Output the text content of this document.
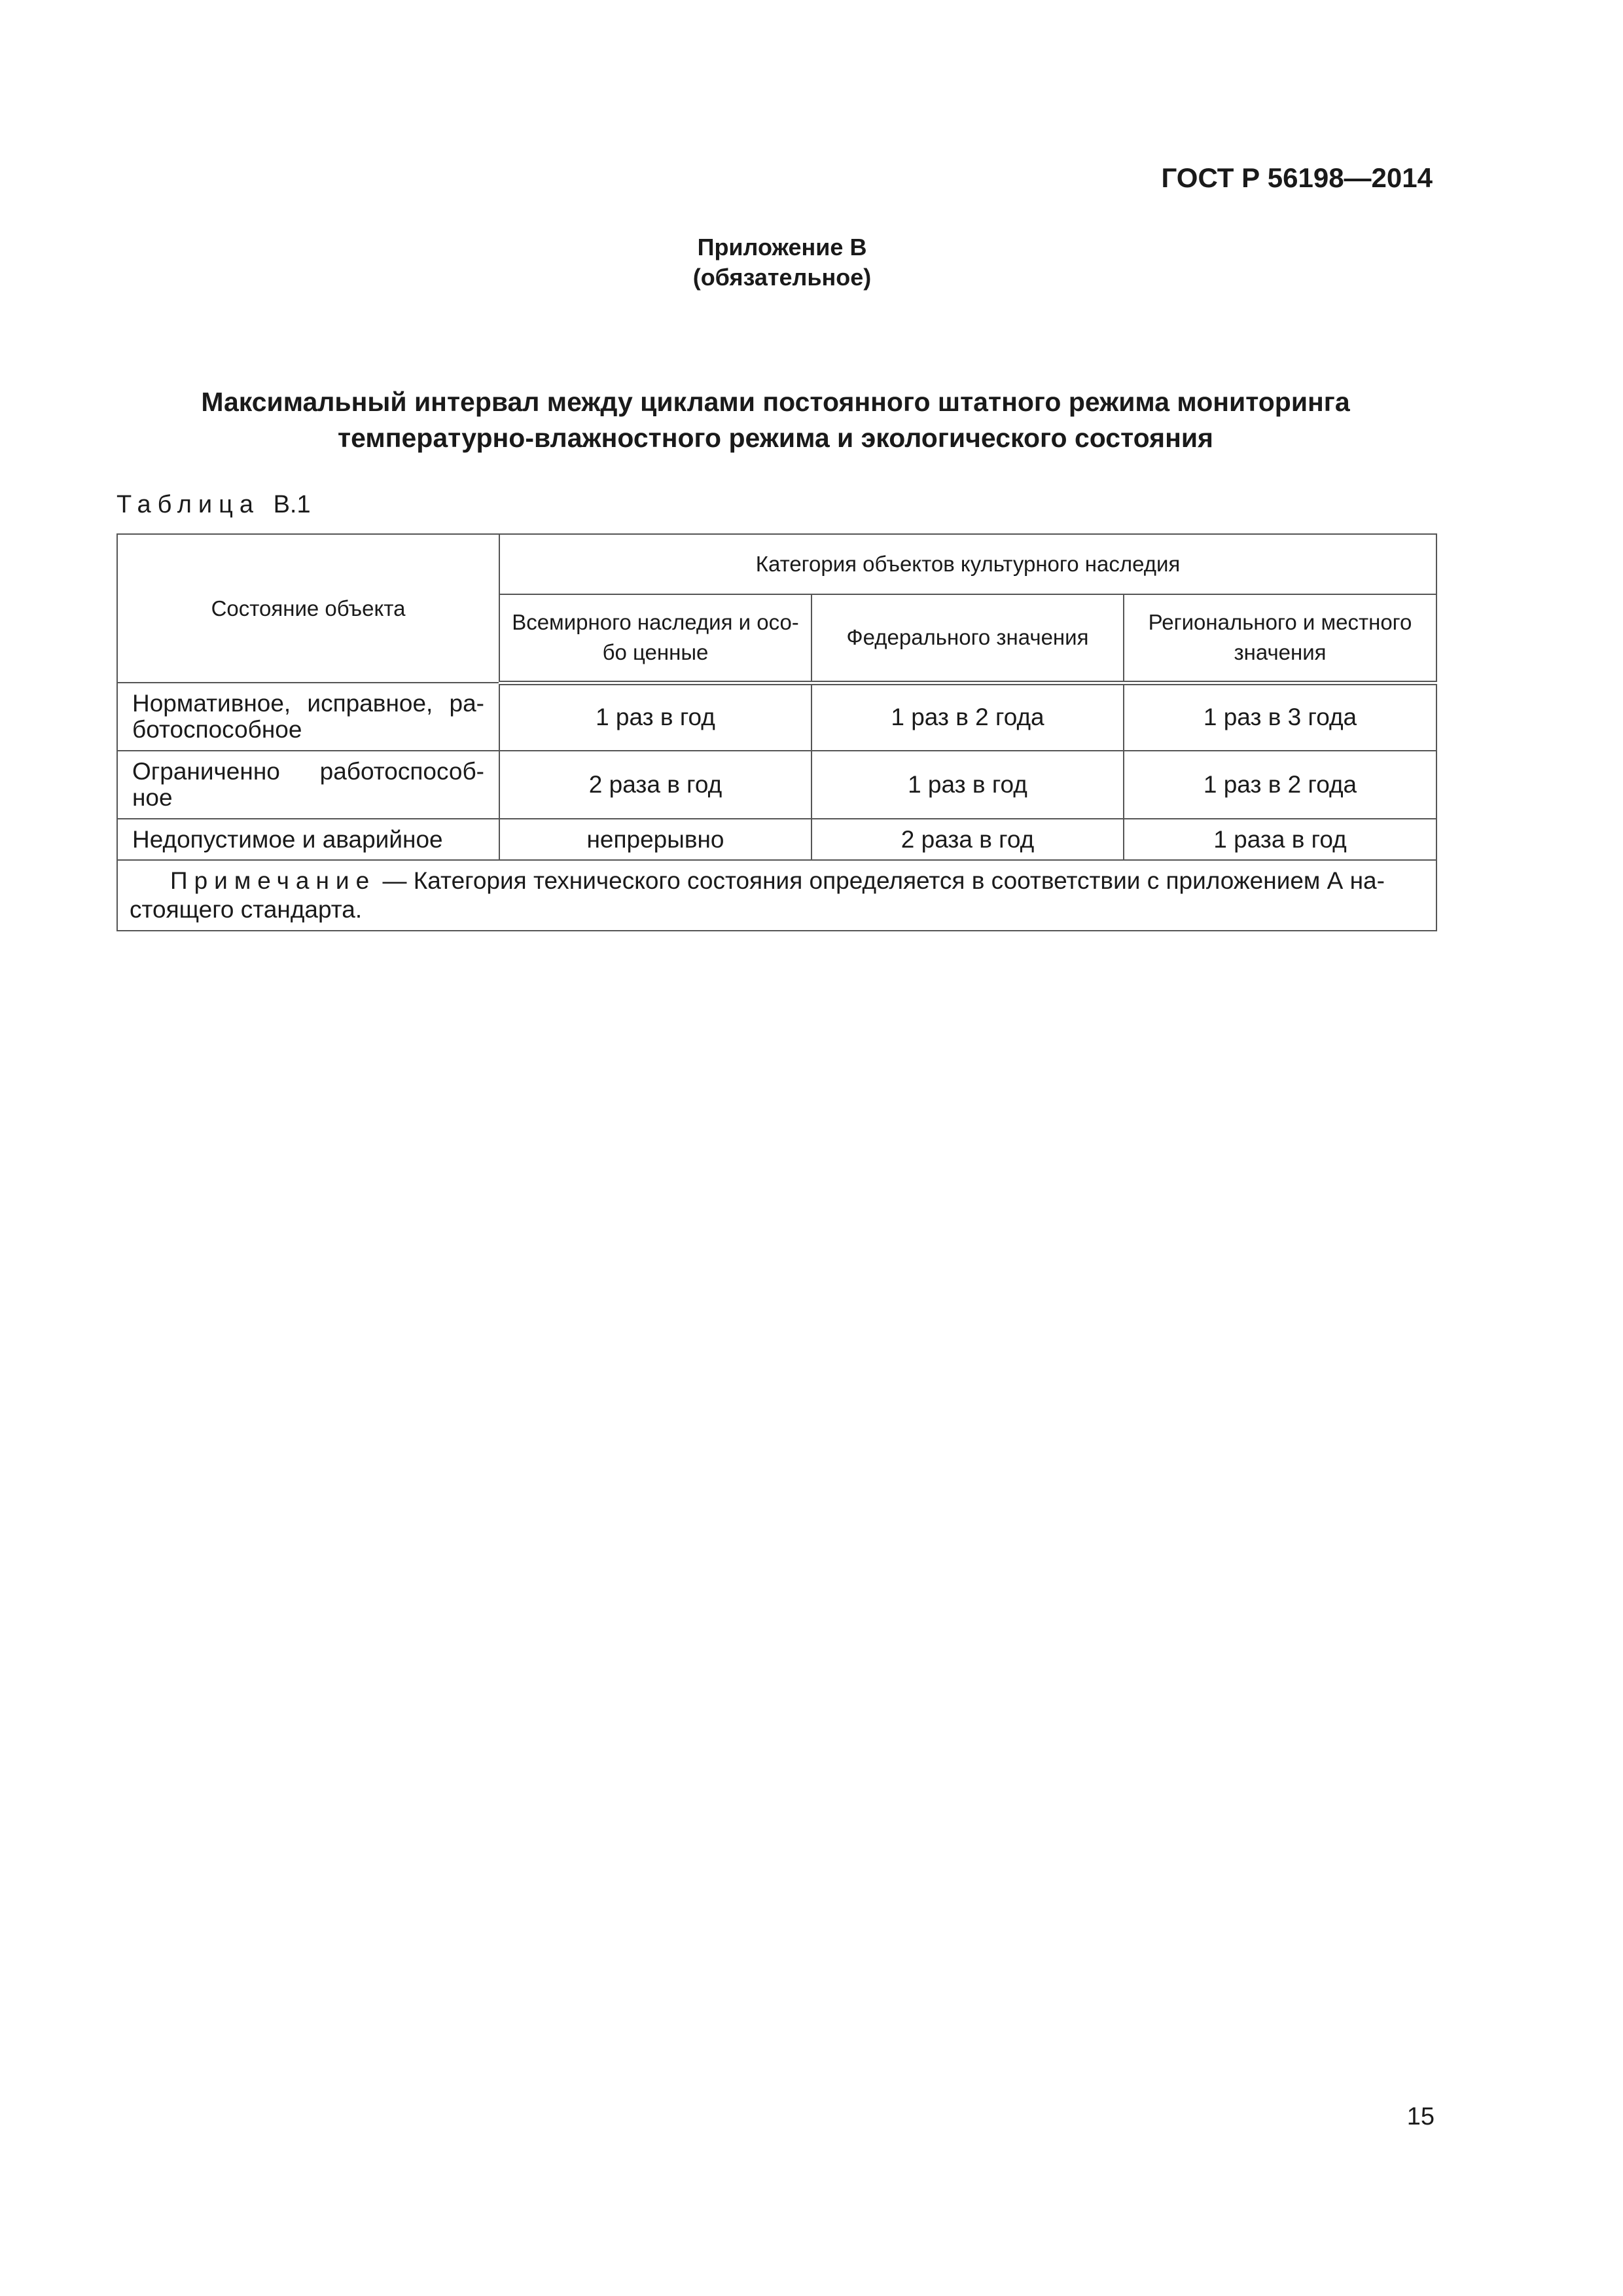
ГОСТ Р 56198—2014
Приложение В
(обязательное)
Максимальный интервал между циклами постоянного штатного режима мониторинга
температурно-влажностного режима и экологического состояния
Таблица В.1
Состояние объекта	Категория объектов культурного наследия		
	Всемирного наследия и осо-бо ценные	Федерального значения	Регионального и местного значения
Нормативное, исправное, ра-ботоспособное	1 раз в год	1 раз в 2 года	1 раз в 3 года
Ограниченно работоспособ-ное	2 раза в год	1 раз в год	1 раз в 2 года
Недопустимое и аварийное	непрерывно	2 раза в год	1 раза в год
Примечание — Категория технического состояния определяется в соответствии с приложением А на-стоящего стандарта.			
15
